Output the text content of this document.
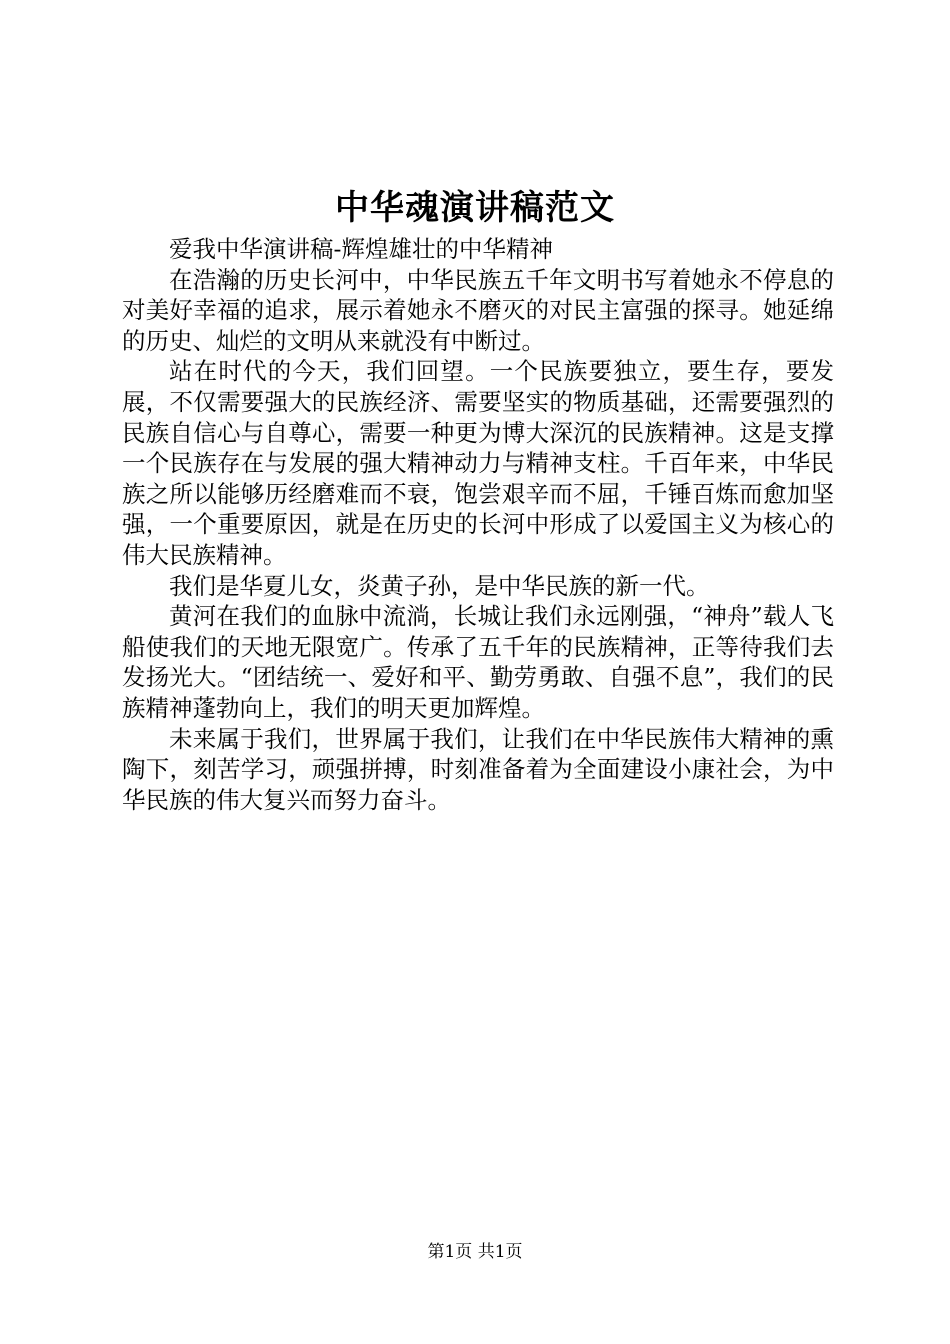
中华魂演讲稿范文

爱我中华演讲稿-辉煌雄壮的中华精神

在浩瀚的历史长河中，中华民族五千年文明书写着她永不停息的对美好幸福的追求，展示着她永不磨灭的对民主富强的探寻。她延绵的历史、灿烂的文明从来就没有中断过。

站在时代的今天，我们回望。一个民族要独立，要生存，要发展，不仅需要强大的民族经济、需要坚实的物质基础，还需要强烈的民族自信心与自尊心，需要一种更为博大深沉的民族精神。这是支撑一个民族存在与发展的强大精神动力与精神支柱。千百年来，中华民族之所以能够历经磨难而不衰，饱尝艰辛而不屈，千锤百炼而愈加坚强，一个重要原因，就是在历史的长河中形成了以爱国主义为核心的伟大民族精神。

我们是华夏儿女，炎黄子孙，是中华民族的新一代。

黄河在我们的血脉中流淌，长城让我们永远刚强，“神舟”载人飞船使我们的天地无限宽广。传承了五千年的民族精神，正等待我们去发扬光大。“团结统一、爱好和平、勤劳勇敢、自强不息”，我们的民族精神蓬勃向上，我们的明天更加辉煌。

未来属于我们，世界属于我们，让我们在中华民族伟大精神的熏陶下，刻苦学习，顽强拼搏，时刻准备着为全面建设小康社会，为中华民族的伟大复兴而努力奋斗。

第1页 共1页
